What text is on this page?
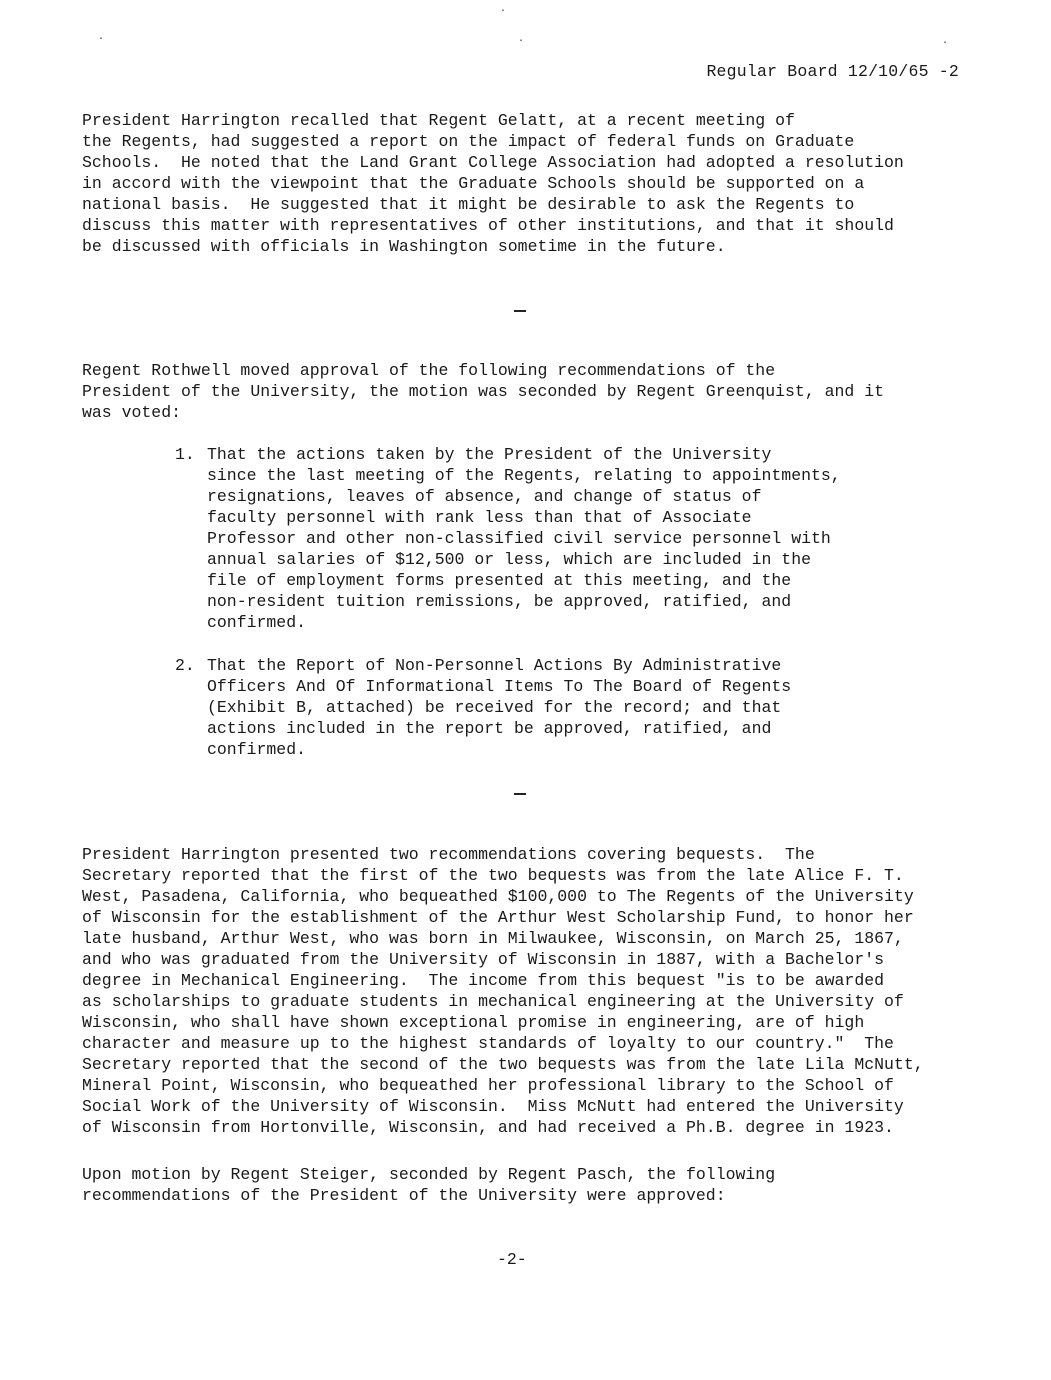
·
·
·	·
Regular Board 12/10/65 -2

President Harrington recalled that Regent Gelatt, at a recent meeting of
the Regents, had suggested a report on the impact of federal funds on Graduate
Schools.  He noted that the Land Grant College Association had adopted a resolution
in accord with the viewpoint that the Graduate Schools should be supported on a
national basis.  He suggested that it might be desirable to ask the Regents to
discuss this matter with representatives of other institutions, and that it should
be discussed with officials in Washington sometime in the future.

Regent Rothwell moved approval of the following recommendations of the
President of the University, the motion was seconded by Regent Greenquist, and it
was voted:

1. That the actions taken by the President of the University
since the last meeting of the Regents, relating to appointments,
resignations, leaves of absence, and change of status of
faculty personnel with rank less than that of Associate
Professor and other non-classified civil service personnel with
annual salaries of $12,500 or less, which are included in the
file of employment forms presented at this meeting, and the
non-resident tuition remissions, be approved, ratified, and
confirmed.

2. That the Report of Non-Personnel Actions By Administrative
Officers And Of Informational Items To The Board of Regents
(Exhibit B, attached) be received for the record; and that
actions included in the report be approved, ratified, and
confirmed.

President Harrington presented two recommendations covering bequests.  The
Secretary reported that the first of the two bequests was from the late Alice F. T.
West, Pasadena, California, who bequeathed $100,000 to The Regents of the University
of Wisconsin for the establishment of the Arthur West Scholarship Fund, to honor her
late husband, Arthur West, who was born in Milwaukee, Wisconsin, on March 25, 1867,
and who was graduated from the University of Wisconsin in 1887, with a Bachelor's
degree in Mechanical Engineering.  The income from this bequest "is to be awarded
as scholarships to graduate students in mechanical engineering at the University of
Wisconsin, who shall have shown exceptional promise in engineering, are of high
character and measure up to the highest standards of loyalty to our country."  The
Secretary reported that the second of the two bequests was from the late Lila McNutt,
Mineral Point, Wisconsin, who bequeathed her professional library to the School of
Social Work of the University of Wisconsin.  Miss McNutt had entered the University
of Wisconsin from Hortonville, Wisconsin, and had received a Ph.B. degree in 1923.

Upon motion by Regent Steiger, seconded by Regent Pasch, the following
recommendations of the President of the University were approved:

-2-
